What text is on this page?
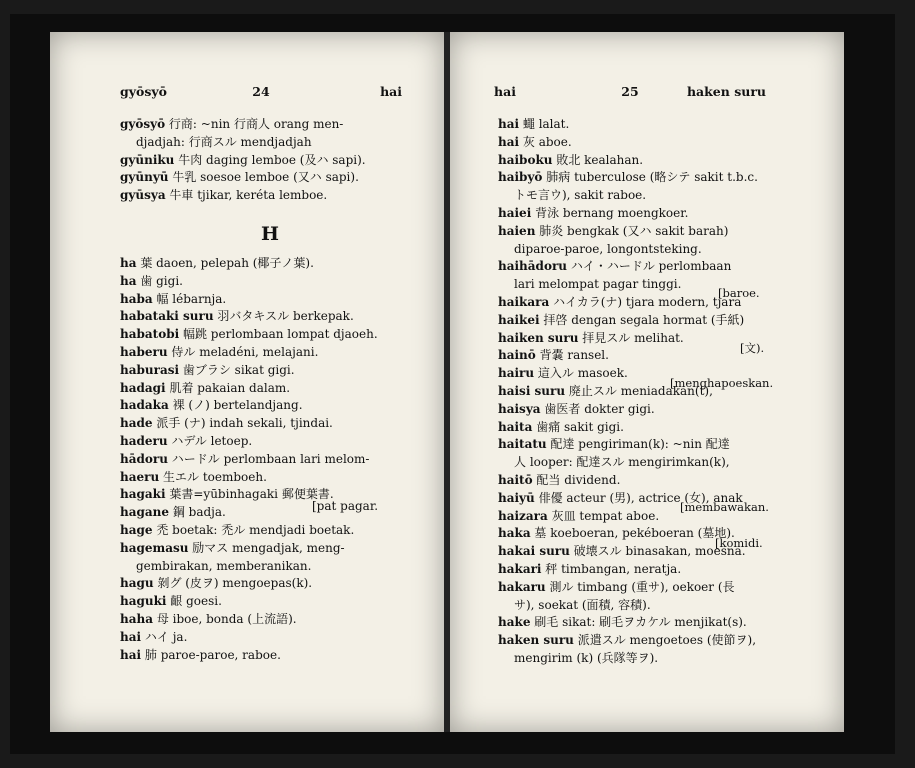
gyōsyō	24	hai
gyōsyō 行商: ~nin 行商人 orang men-
djadjah: 行商スル mendjadjah
gyūniku 牛肉 daging lemboe (及ハ sapi).
gyūnyū 牛乳 soesoe lemboe (又ハ sapi).
gyūsya 牛車 tjikar, keréta lemboe.
H
ha 葉 daoen, pelepah (椰子ノ葉).
ha 歯 gigi.
haba 幅 lébarnja.
habataki suru 羽バタキスル berkepak.
habatobi 幅跳 perlombaan lompat djaoeh.
haberu 侍ル meladéni, melajani.
haburasi 歯ブラシ sikat gigi.
hadagi 肌着 pakaian dalam.
hadaka 裸 (ノ) bertelandjang.
hade 派手 (ナ) indah sekali, tjindai.
haderu ハデル letoep.
hādoru ハードル perlombaan lari melom-
haeru 生エル toemboeh.
hagaki 葉書=yūbinhagaki 郵便葉書.
hagane 鋼 badja.
hage 禿 boetak: 禿ル mendjadi boetak.
hagemasu 励マス mengadjak, meng-
gembirakan, memberanikan.
hagu 剝グ (皮ヲ) mengoepas(k).
haguki 齦 goesi.
haha 母 iboe, bonda (上流語).
hai ハイ ja.
hai 肺 paroe-paroe, raboe.
[pat pagar.
hai	25	haken suru
hai 蠅 lalat.
hai 灰 aboe.
haiboku 敗北 kealahan.
haibyō 肺病 tuberculose (略シテ sakit t.b.c.
トモ言ウ), sakit raboe.
haiei 背泳 bernang moengkoer.
haien 肺炎 bengkak (又ハ sakit barah)
diparoe-paroe, longontsteking.
haihādoru ハイ・ハードル perlombaan
lari melompat pagar tinggi.
haikara ハイカラ(ナ) tjara modern, tjara
haikei 拝啓 dengan segala hormat (手紙)
haiken suru 拝見スル melihat.
hainō 背嚢 ransel.
hairu 這入ル masoek.
haisi suru 廃止スル meniadakan(t),
haisya 歯医者 dokter gigi.
haita 歯痛 sakit gigi.
haitatu 配達 pengiriman(k): ~nin 配達
人 looper: 配達スル mengirimkan(k),
haitō 配当 dividend.
haiyū 俳優 acteur (男), actrice (女), anak
haizara 灰皿 tempat aboe.
haka 墓 koeboeran, pekéboeran (墓地).
hakai suru 破壊スル binasakan, moesna.
hakari 秤 timbangan, neratja.
hakaru 測ル timbang (重サ), oekoer (長
サ), soekat (面積, 容積).
hake 刷毛 sikat: 刷毛ヲカケル menjikat(s).
haken suru 派遣スル mengoetoes (使節ヲ),
mengirim (k) (兵隊等ヲ).
[baroe.
[文).
[menghapoeskan.
[membawakan.
[komidi.
